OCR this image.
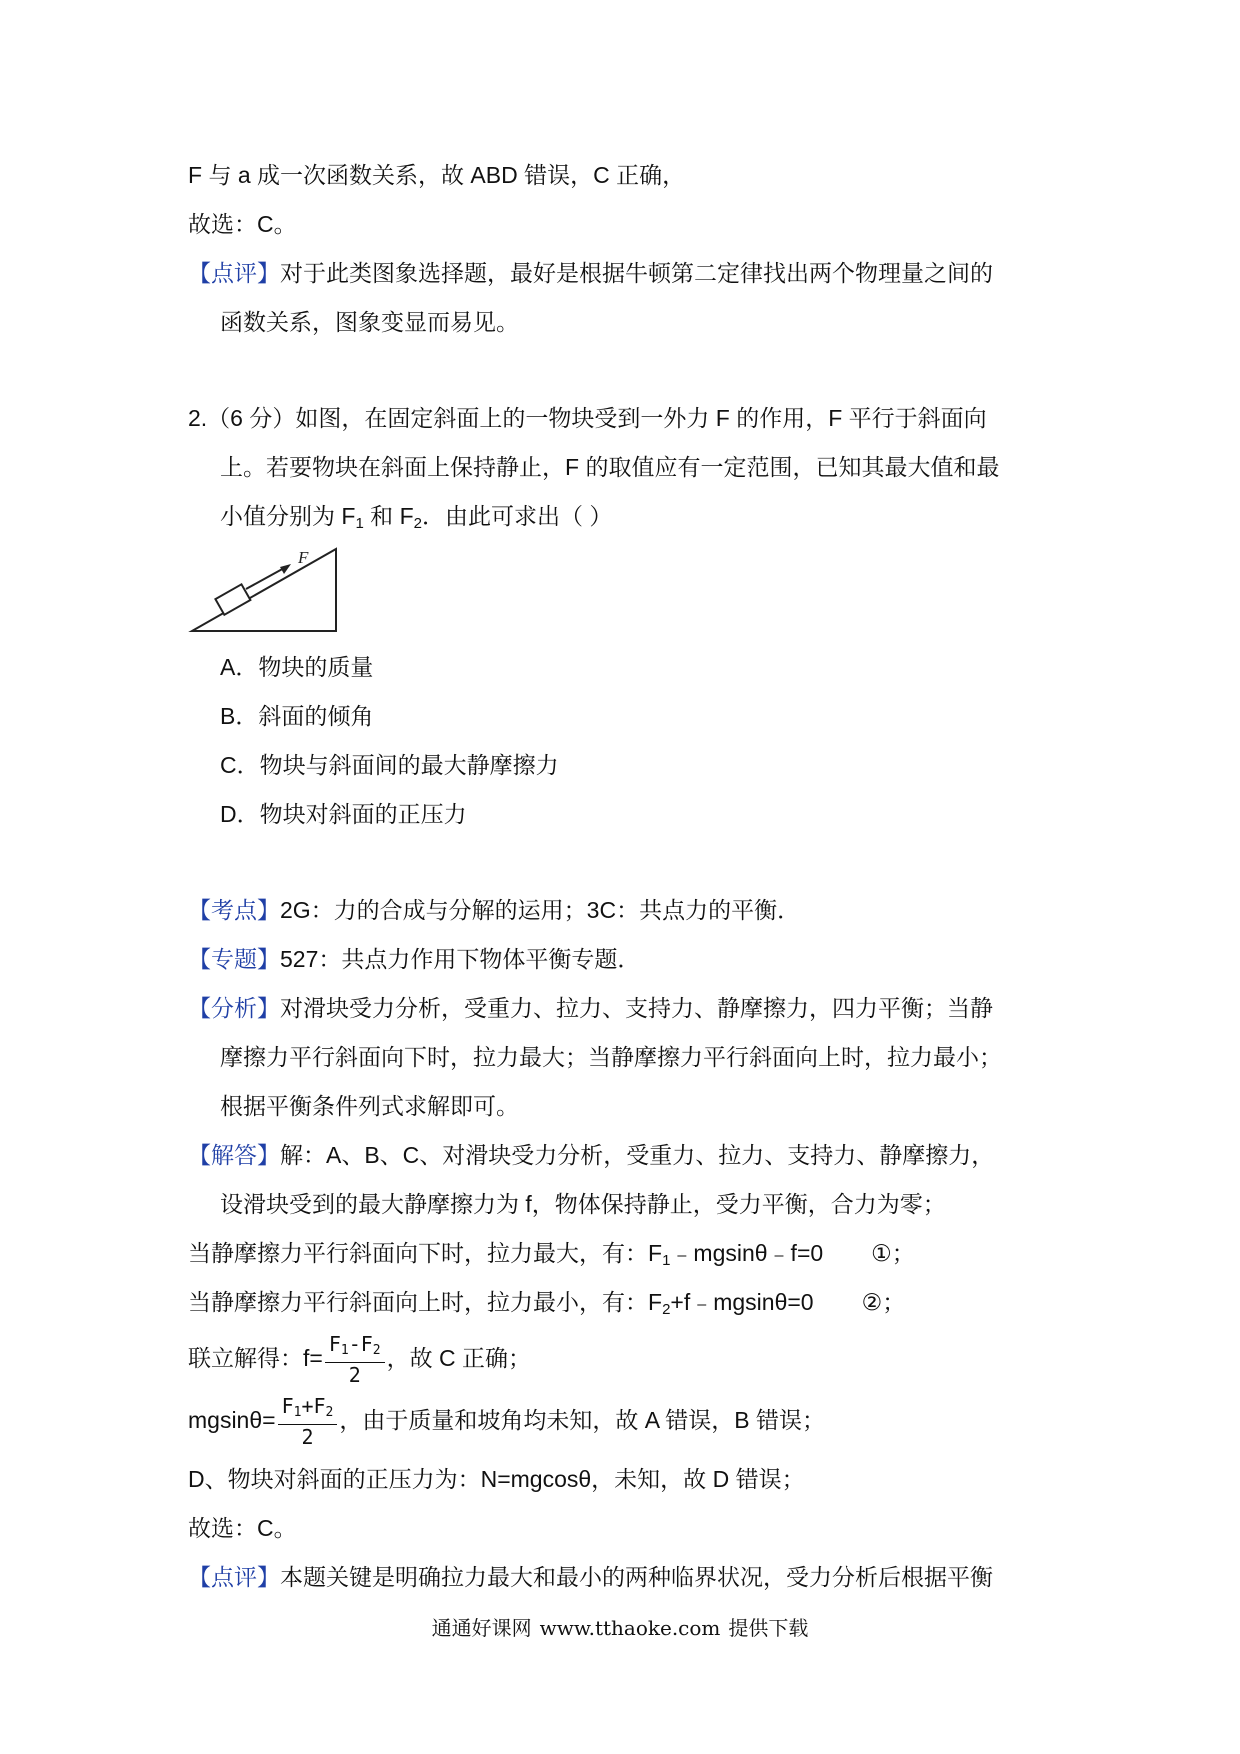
F 与 a 成一次函数关系，故 ABD 错误，C 正确，
故选：C。
【点评】对于此类图象选择题，最好是根据牛顿第二定律找出两个物理量之间的
函数关系，图象变显而易见。
2.（6 分）如图，在固定斜面上的一物块受到一外力 F 的作用，F 平行于斜面向
上。若要物块在斜面上保持静止，F 的取值应有一定范围，已知其最大值和最
小值分别为 $F_1$ 和 $F_2$．由此可求出（ ）
F
A．物块的质量
B．斜面的倾角
C．物块与斜面间的最大静摩擦力
D．物块对斜面的正压力
【考点】2G：力的合成与分解的运用；3C：共点力的平衡．
【专题】527：共点力作用下物体平衡专题．
【分析】对滑块受力分析，受重力、拉力、支持力、静摩擦力，四力平衡；当静
摩擦力平行斜面向下时，拉力最大；当静摩擦力平行斜面向上时，拉力最小；
根据平衡条件列式求解即可。
【解答】解：A、B、C、对滑块受力分析，受重力、拉力、支持力、静摩擦力，
设滑块受到的最大静摩擦力为 f，物体保持静止，受力平衡，合力为零；
当静摩擦力平行斜面向下时，拉力最大，有：$F_1﹣mgsin\theta﹣f=0$ ①；
当静摩擦力平行斜面向上时，拉力最小，有：$F_2+f﹣mgsin\theta=0$ ②；
联立解得：$f= \frac{F1-F2}{2}$ ，故 C 正确；
$mgsin\theta= \frac{F1+F2}{2}$ ，由于质量和坡角均未知，故 A 错误，B 错误；
D、物块对斜面的正压力为：N=mgcosθ，未知，故 D 错误；
故选：C。
【点评】本题关键是明确拉力最大和最小的两种临界状况，受力分析后根据平衡
通通好课网 www.tthaoke.com 提供下载
